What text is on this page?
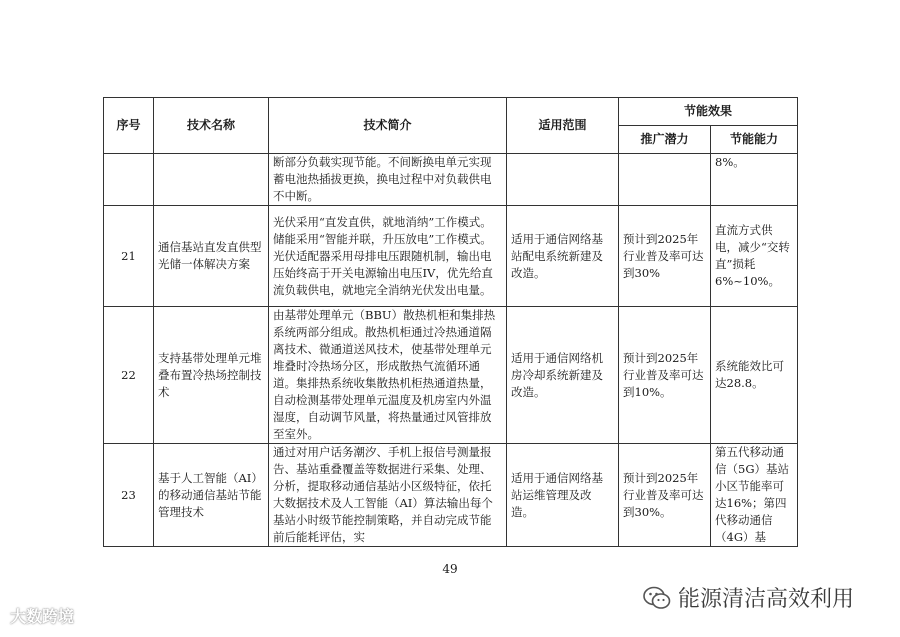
序号	技术名称	技术简介	适用范围	节能效果	
				推广潜力	节能能力
		断部分负载实现节能。不间断换电单元实现蓄电池热插拔更换，换电过程中对负载供电不中断。			8%。
21	通信基站直发直供型光储一体解决方案	光伏采用“直发直供，就地消纳”工作模式。储能采用“智能并联，升压放电”工作模式。光伏适配器采用母排电压跟随机制，输出电压始终高于开关电源输出电压IV，优先给直流负载供电，就地完全消纳光伏发出电量。	适用于通信网络基站配电系统新建及改造。	预计到2025年行业普及率可达到30%	直流方式供电，减少“交转直”损耗6%~10%。
22	支持基带处理单元堆叠布置冷热场控制技术	由基带处理单元（BBU）散热机柜和集排热系统两部分组成。散热机柜通过冷热通道隔离技术、微通道送风技术，使基带处理单元堆叠时冷热场分区，形成散热气流循环通道。集排热系统收集散热机柜热通道热量，自动检测基带处理单元温度及机房室内外温湿度，自动调节风量，将热量通过风管排放至室外。	适用于通信网络机房冷却系统新建及改造。	预计到2025年行业普及率可达到10%。	系统能效比可达28.8。
23	基于人工智能（AI）的移动通信基站节能管理技术	通过对用户话务潮汐、手机上报信号测量报告、基站重叠覆盖等数据进行采集、处理、分析，提取移动通信基站小区级特征，依托大数据技术及人工智能（AI）算法输出每个基站小时级节能控制策略，并自动完成节能前后能耗评估，实	适用于通信网络基站运维管理及改造。	预计到2025年行业普及率可达到30%。	第五代移动通信（5G）基站小区节能率可达16%；第四代移动通信（4G）基
49
大数跨境
能源清洁高效利用
